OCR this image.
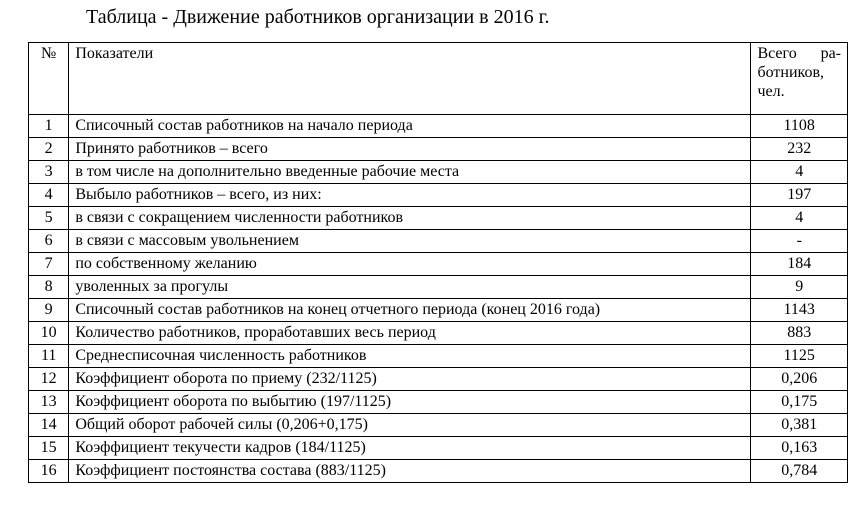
Таблица - Движение работников организации в 2016 г.
№	Показатели	Всего ра-ботников, чел.
1	Списочный состав работников на начало периода	1108
2	Принято работников – всего	232
3	в том числе на дополнительно введенные рабочие места	4
4	Выбыло работников – всего, из них:	197
5	в связи с сокращением численности работников	4
6	в связи с массовым увольнением	-
7	по собственному желанию	184
8	уволенных за прогулы	9
9	Списочный состав работников на конец отчетного периода (конец 2016 года)	1143
10	Количество работников, проработавших весь период	883
11	Среднесписочная численность работников	1125
12	Коэффициент оборота по приему (232/1125)	0,206
13	Коэффициент оборота по выбытию (197/1125)	0,175
14	Общий оборот рабочей силы (0,206+0,175)	0,381
15	Коэффициент текучести кадров (184/1125)	0,163
16	Коэффициент постоянства состава (883/1125)	0,784
